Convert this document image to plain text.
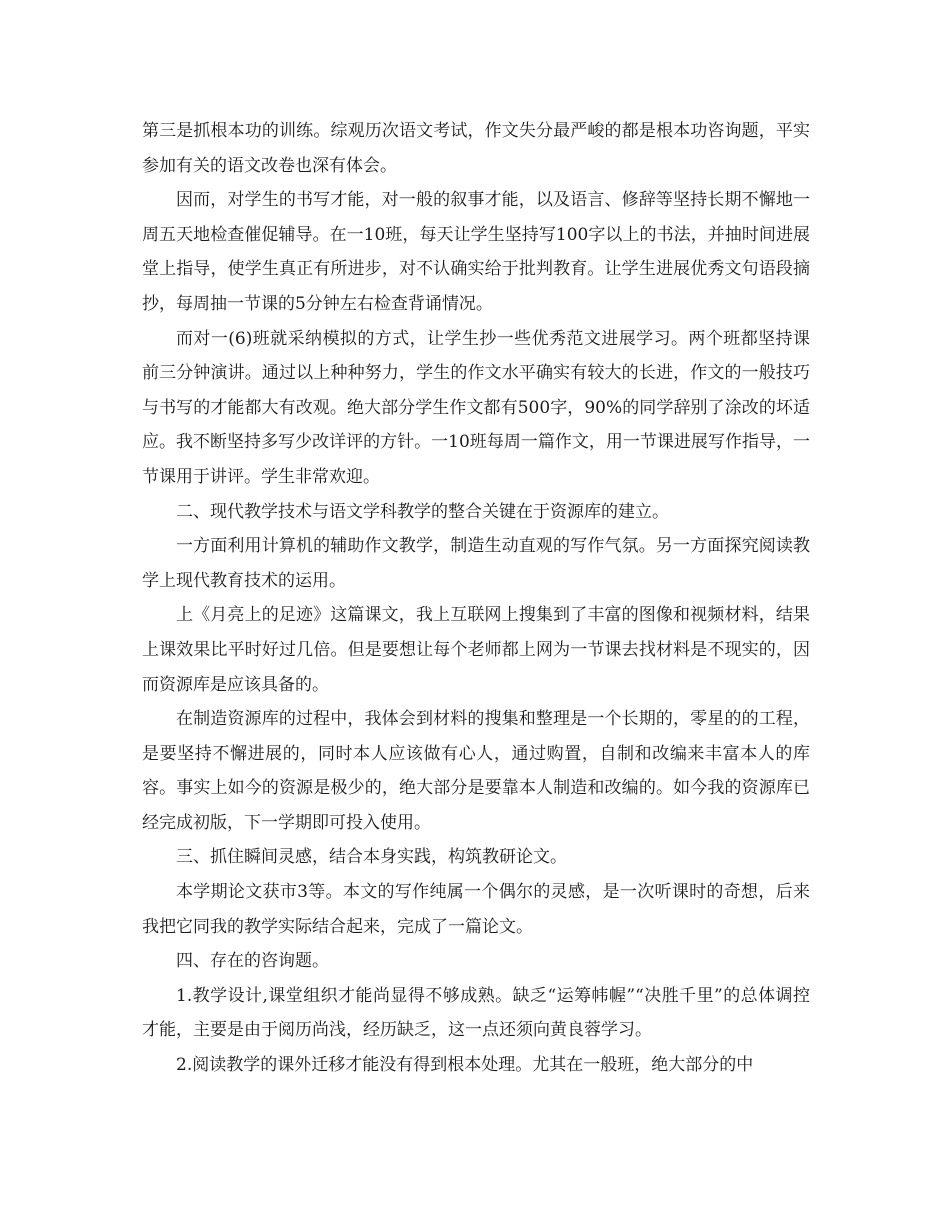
第三是抓根本功的训练。综观历次语文考试，作文失分最严峻的都是根本功咨询题，平实参加有关的语文改卷也深有体会。

因而，对学生的书写才能，对一般的叙事才能，以及语言、修辞等坚持长期不懈地一周五天地检查催促辅导。在一10班，每天让学生坚持写100字以上的书法，并抽时间进展堂上指导，使学生真正有所进步，对不认确实给于批判教育。让学生进展优秀文句语段摘抄，每周抽一节课的5分钟左右检查背诵情况。

而对一(6)班就采纳模拟的方式，让学生抄一些优秀范文进展学习。两个班都坚持课前三分钟演讲。通过以上种种努力，学生的作文水平确实有较大的长进，作文的一般技巧与书写的才能都大有改观。绝大部分学生作文都有500字，90%的同学辞别了涂改的坏适应。我不断坚持多写少改详评的方针。一10班每周一篇作文，用一节课进展写作指导，一节课用于讲评。学生非常欢迎。

二、现代教学技术与语文学科教学的整合关键在于资源库的建立。

一方面利用计算机的辅助作文教学，制造生动直观的写作气氛。另一方面探究阅读教学上现代教育技术的运用。

上《月亮上的足迹》这篇课文，我上互联网上搜集到了丰富的图像和视频材料，结果上课效果比平时好过几倍。但是要想让每个老师都上网为一节课去找材料是不现实的，因而资源库是应该具备的。

在制造资源库的过程中，我体会到材料的搜集和整理是一个长期的，零星的的工程，是要坚持不懈进展的，同时本人应该做有心人，通过购置，自制和改编来丰富本人的库容。事实上如今的资源是极少的，绝大部分是要靠本人制造和改编的。如今我的资源库已经完成初版，下一学期即可投入使用。

三、抓住瞬间灵感，结合本身实践，构筑教研论文。

本学期论文获市3等。本文的写作纯属一个偶尔的灵感，是一次听课时的奇想，后来我把它同我的教学实际结合起来，完成了一篇论文。

四、存在的咨询题。

1.教学设计,课堂组织才能尚显得不够成熟。缺乏“运筹帏幄”“决胜千里”的总体调控才能，主要是由于阅历尚浅，经历缺乏，这一点还须向黄良蓉学习。

2.阅读教学的课外迁移才能没有得到根本处理。尤其在一般班，绝大部分的中
